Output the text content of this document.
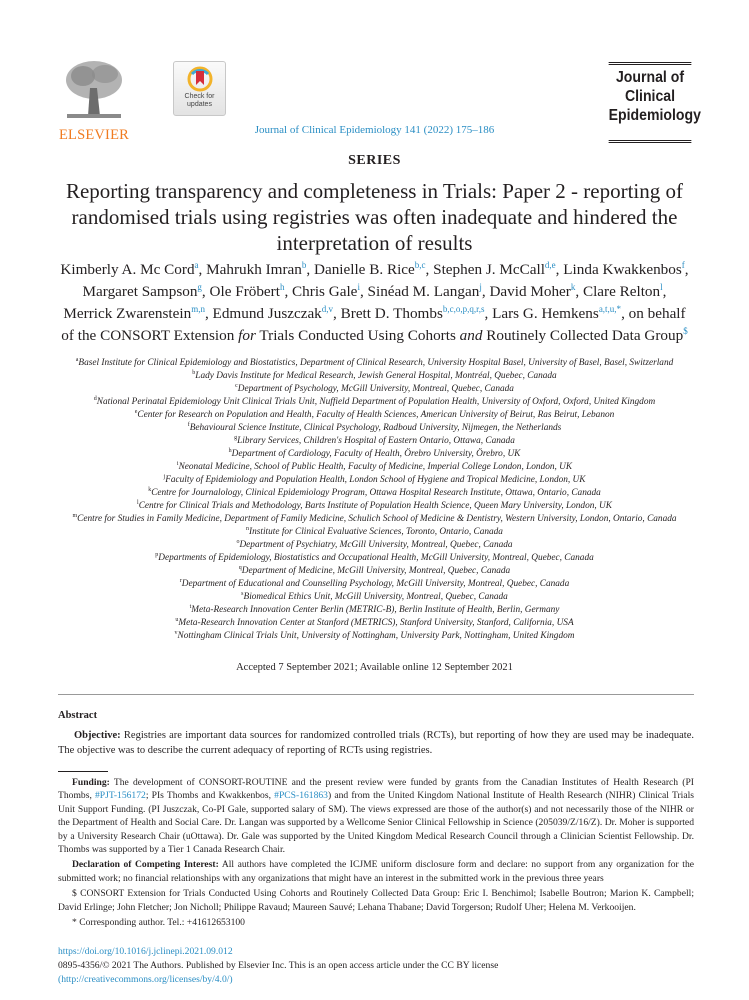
ELSEVIER
Check for updates
Journal of
Clinical
Epidemiology
Journal of Clinical Epidemiology 141 (2022) 175–186
SERIES
Reporting transparency and completeness in Trials: Paper 2 - reporting of randomised trials using registries was often inadequate and hindered the interpretation of results
Kimberly A. Mc Cord$^a$, Mahrukh Imran$^b$, Danielle B. Rice$^{b,c}$, Stephen J. McCall$^{d,e}$, Linda Kwakkenbos$^f$, Margaret Sampson$^g$, Ole Fröbert$^h$, Chris Gale$^i$, Sinéad M. Langan$^j$, David Moher$^k$, Clare Relton$^l$, Merrick Zwarenstein$^{m,n}$, Edmund Juszczak$^{d,v}$, Brett D. Thombs$^{b,c,o,p,q,r,s}$, Lars G. Hemkens$^{a,t,u,*}$, on behalf of the CONSORT Extension for Trials Conducted Using Cohorts and Routinely Collected Data Group$
$^a$Basel Institute for Clinical Epidemiology and Biostatistics, Department of Clinical Research, University Hospital Basel, University of Basel, Basel, Switzerland
$^b$Lady Davis Institute for Medical Research, Jewish General Hospital, Montréal, Quebec, Canada
$^c$Department of Psychology, McGill University, Montreal, Quebec, Canada
$^d$National Perinatal Epidemiology Unit Clinical Trials Unit, Nuffield Department of Population Health, University of Oxford, Oxford, United Kingdom
$^e$Center for Research on Population and Health, Faculty of Health Sciences, American University of Beirut, Ras Beirut, Lebanon
$^f$Behavioural Science Institute, Clinical Psychology, Radboud University, Nijmegen, the Netherlands
$^g$Library Services, Children's Hospital of Eastern Ontario, Ottawa, Canada
$^h$Department of Cardiology, Faculty of Health, Örebro University, Örebro, UK
$^i$Neonatal Medicine, School of Public Health, Faculty of Medicine, Imperial College London, London, UK
$^j$Faculty of Epidemiology and Population Health, London School of Hygiene and Tropical Medicine, London, UK
$^k$Centre for Journalology, Clinical Epidemiology Program, Ottawa Hospital Research Institute, Ottawa, Ontario, Canada
$^l$Centre for Clinical Trials and Methodology, Barts Institute of Population Health Science, Queen Mary University, London, UK
$^m$Centre for Studies in Family Medicine, Department of Family Medicine, Schulich School of Medicine & Dentistry, Western University, London, Ontario, Canada
$^n$Institute for Clinical Evaluative Sciences, Toronto, Ontario, Canada
$^o$Department of Psychiatry, McGill University, Montreal, Quebec, Canada
$^p$Departments of Epidemiology, Biostatistics and Occupational Health, McGill University, Montreal, Quebec, Canada
$^q$Department of Medicine, McGill University, Montreal, Quebec, Canada
$^r$Department of Educational and Counselling Psychology, McGill University, Montreal, Quebec, Canada
$^s$Biomedical Ethics Unit, McGill University, Montreal, Quebec, Canada
$^t$Meta-Research Innovation Center Berlin (METRIC-B), Berlin Institute of Health, Berlin, Germany
$^u$Meta-Research Innovation Center at Stanford (METRICS), Stanford University, Stanford, California, USA
$^v$Nottingham Clinical Trials Unit, University of Nottingham, University Park, Nottingham, United Kingdom
Accepted 7 September 2021; Available online 12 September 2021
Abstract
Objective: Registries are important data sources for randomized controlled trials (RCTs), but reporting of how they are used may be inadequate. The objective was to describe the current adequacy of reporting of RCTs using registries.

Funding: The development of CONSORT-ROUTINE and the present review were funded by grants from the Canadian Institutes of Health Research (PI Thombs, #PJT-156172; PIs Thombs and Kwakkenbos, #PCS-161863) and from the United Kingdom National Institute of Health Research (NIHR) Clinical Trials Unit Support Funding. (PI Juszczak, Co-PI Gale, supported salary of SM). The views expressed are those of the author(s) and not necessarily those of the NIHR or the Department of Health and Social Care. Dr. Langan was supported by a Wellcome Senior Clinical Fellowship in Science (205039/Z/16/Z). Dr. Moher is supported by a University Research Chair (uOttawa). Dr. Gale was supported by the United Kingdom Medical Research Council through a Clinician Scientist Fellowship. Dr. Thombs was supported by a Tier 1 Canada Research Chair.

Declaration of Competing Interest: All authors have completed the ICJME uniform disclosure form and declare: no support from any organization for the submitted work; no financial relationships with any organizations that might have an interest in the submitted work in the previous three years

$ CONSORT Extension for Trials Conducted Using Cohorts and Routinely Collected Data Group: Eric I. Benchimol; Isabelle Boutron; Marion K. Campbell; David Erlinge; John Fletcher; Jon Nicholl; Philippe Ravaud; Maureen Sauvé; Lehana Thabane; David Torgerson; Rudolf Uher; Helena M. Verkooijen.

* Corresponding author. Tel.: +41612653100

https://doi.org/10.1016/j.jclinepi.2021.09.012
0895-4356/© 2021 The Authors. Published by Elsevier Inc. This is an open access article under the CC BY license
(http://creativecommons.org/licenses/by/4.0/)
